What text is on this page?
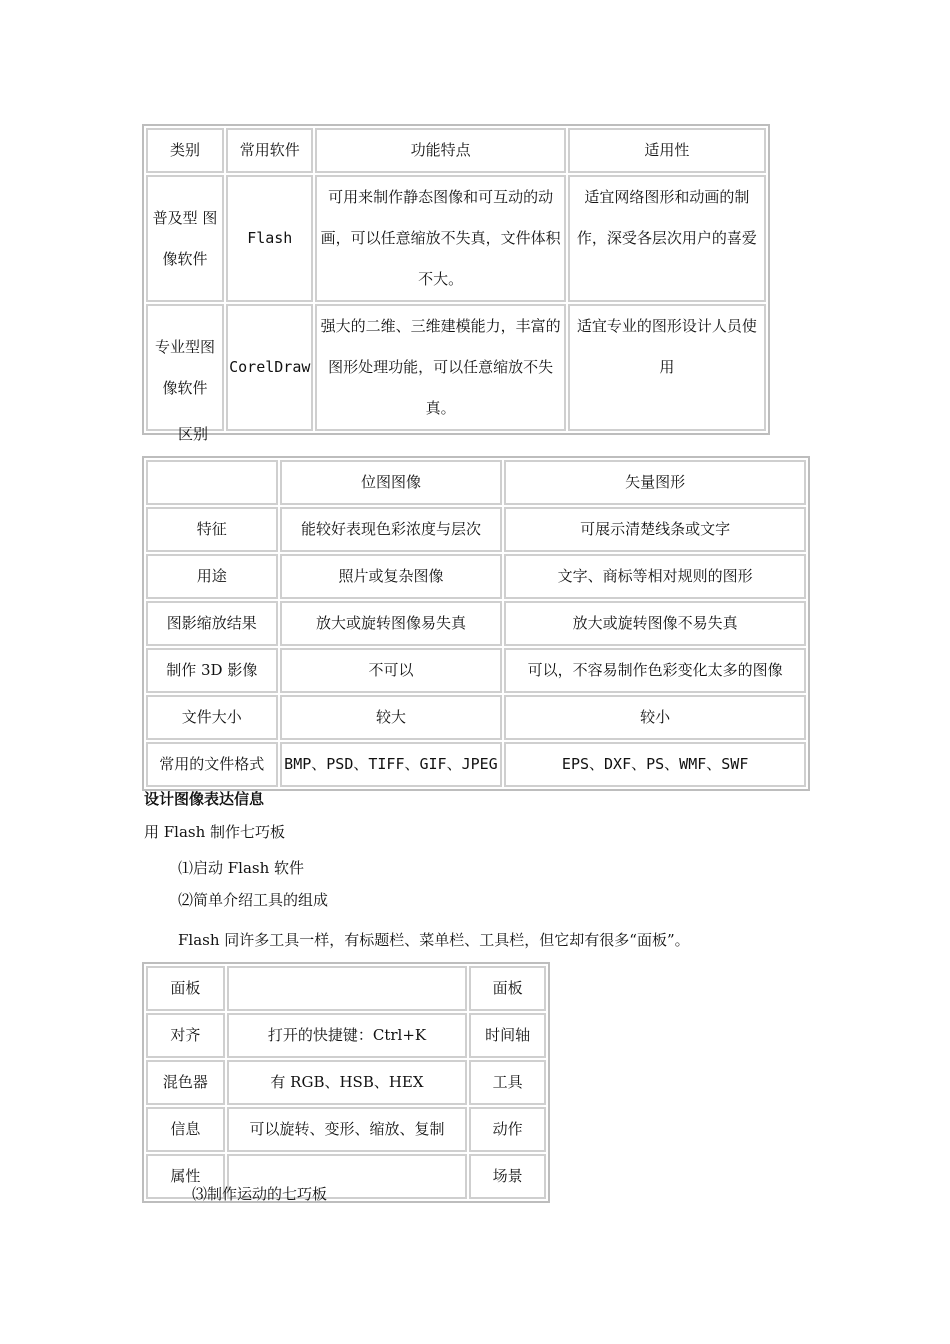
类别	常用软件	功能特点	适用性
普及型 图像软件	Flash	可用来制作静态图像和可互动的动画，可以任意缩放不失真，文件体积不大。	适宜网络图形和动画的制作，深受各层次用户的喜爱
专业型图像软件	CorelDraw	强大的二维、三维建模能力，丰富的图形处理功能，可以任意缩放不失真。	适宜专业的图形设计人员使用
区别
	位图图像	矢量图形
特征	能较好表现色彩浓度与层次	可展示清楚线条或文字
用途	照片或复杂图像	文字、商标等相对规则的图形
图影缩放结果	放大或旋转图像易失真	放大或旋转图像不易失真
制作 3D 影像	不可以	可以，不容易制作色彩变化太多的图像
文件大小	较大	较小
常用的文件格式	BMP、PSD、TIFF、GIF、JPEG	EPS、DXF、PS、WMF、SWF
设计图像表达信息
用 Flash 制作七巧板
⑴启动 Flash 软件
⑵简单介绍工具的组成
Flash 同许多工具一样，有标题栏、菜单栏、工具栏，但它却有很多“面板”。
面板		面板
对齐	打开的快捷键：Ctrl+K	时间轴
混色器	有 RGB、HSB、HEX	工具
信息	可以旋转、变形、缩放、复制	动作
属性		场景
⑶制作运动的七巧板
